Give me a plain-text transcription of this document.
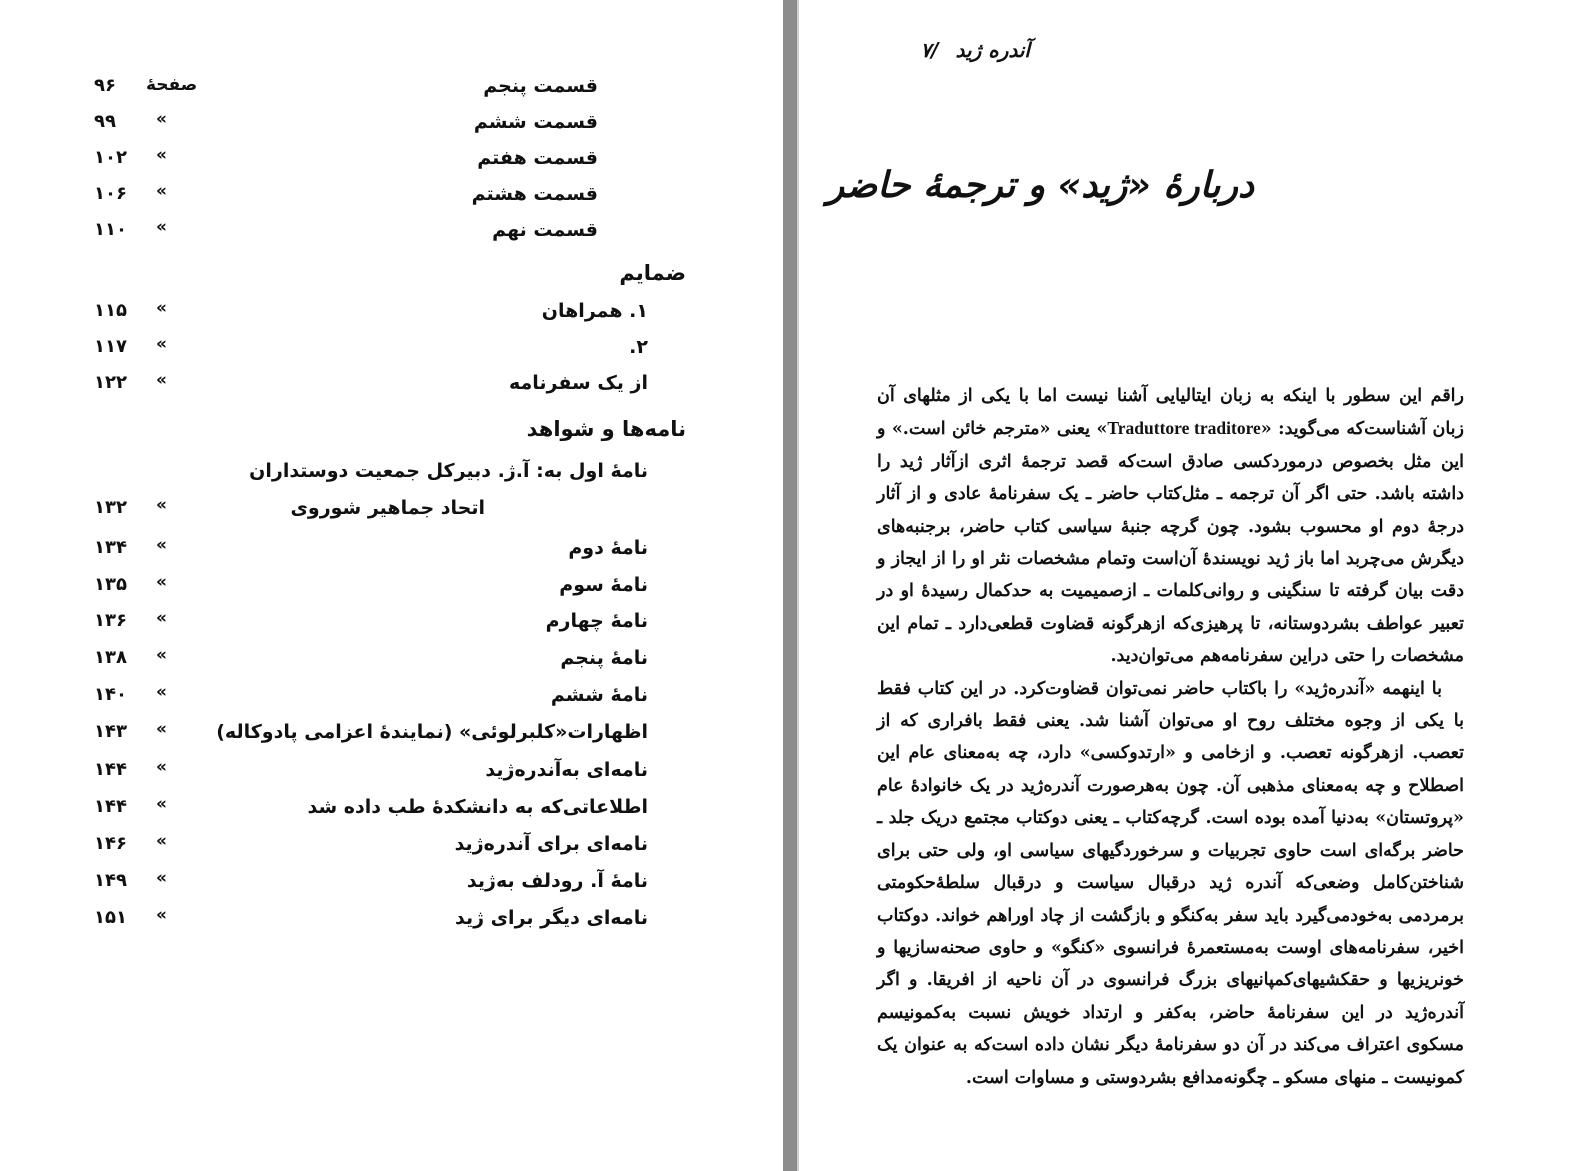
قسمت پنجم
صفحهٔ
۹۶
قسمت ششم
«
۹۹
قسمت هفتم
«
۱۰۲
قسمت هشتم
«
۱۰۶
قسمت نهم
«
۱۱۰
ضمایم
۱. همراهان
«
۱۱۵
۲.
«
۱۱۷
از یک سفرنامه
«
۱۲۲
نامه‌ها و شواهد
نامهٔ اول به: آ.ژ. دبیرکل جمعیت دوستداران
اتحاد جماهیر شوروی
«
۱۳۲
نامهٔ دوم
«
۱۳۴
نامهٔ سوم
«
۱۳۵
نامهٔ چهارم
«
۱۳۶
نامهٔ پنجم
«
۱۳۸
نامهٔ ششم
«
۱۴۰
اظهارات«کلبرلوئی» (نمایندهٔ اعزامی پادوکاله)
«
۱۴۳
نامه‌ای به‌آندره‌ژید
«
۱۴۴
اطلاعاتی‌که به دانشکدهٔ طب داده شد
«
۱۴۴
نامه‌ای برای آندره‌ژید
«
۱۴۶
نامهٔ آ. رودلف به‌ژید
«
۱۴۹
نامه‌ای دیگر برای ژید
«
۱۵۱
آندره ژید /۷
دربارهٔ «ژید» و ترجمهٔ حاضر

راقم این سطور با اینکه به زبان ایتالیایی آشنا نیست اما با یکی از مثلهای آن زبان آشناست‌که می‌گوید: «Traduttore traditore» یعنی «مترجم خائن است.» و این مثل بخصوص درموردکسی صادق است‌که قصد ترجمهٔ اثری ازآثار ژید را داشته باشد. حتی اگر آن ترجمه ـ مثل‌کتاب حاضر ـ یک سفرنامهٔ عادی و از آثار درجهٔ دوم او محسوب بشود. چون گرچه جنبهٔ سیاسی کتاب حاضر، برجنبه‌های دیگرش می‌چربد اما باز ژید نویسندهٔ آن‌است وتمام مشخصات نثر او را از ایجاز و دقت بیان گرفته تا سنگینی و روانی‌کلمات ـ ازصمیمیت به حدکمال رسیدهٔ او در تعبیر عواطف بشردوستانه، تا پرهیزی‌که ازهرگونه قضاوت قطعی‌دارد ـ تمام این مشخصات را حتی دراین سفرنامه‌هم می‌توان‌دید.

با اینهمه «آندره‌ژید» را با‌کتاب حاضر نمی‌توان قضاوت‌کرد. در این کتاب فقط با یکی از وجوه مختلف روح او می‌توان آشنا شد. یعنی فقط بافراری که از تعصب. ازهرگونه تعصب. و ازخامی و «ارتدوکسی» دارد، چه به‌معنای عام این اصطلاح و چه به‌معنای مذهبی آن. چون به‌هرصورت آندره‌ژید در یک خانوادهٔ عام «پروتستان» به‌دنیا آمده بوده است. گرچه‌کتاب ـ یعنی دوکتاب مجتمع دریک جلد ـ حاضر برگه‌ای است حاوی تجربیات و سرخوردگیهای سیاسی او، ولی حتی برای شناختن‌کامل وضعی‌که آندره ژید درقبال سیاست و درقبال سلطهٔ‌حکومتی برمردمی به‌خودمی‌گیرد باید سفر به‌کنگو و بازگشت از چاد اوراهم خواند. دوکتاب اخیر، سفرنامه‌های اوست به‌مستعمرهٔ فرانسوی «کنگو» و حاوی صحنه‌سازیها و خونریزیها و حقکشیهای‌کمپانیهای بزرگ فرانسوی در آن ناحیه از افریقا. و اگر آندره‌ژید در این سفرنامهٔ حاضر، به‌کفر و ارتداد خویش نسبت به‌کمونیسم مسکوی اعتراف می‌کند در آن دو سفرنامهٔ دیگر نشان داده است‌که به عنوان یک کمونیست ـ منهای مسکو ـ چگونه‌مدافع بشردوستی و مساوات است.
